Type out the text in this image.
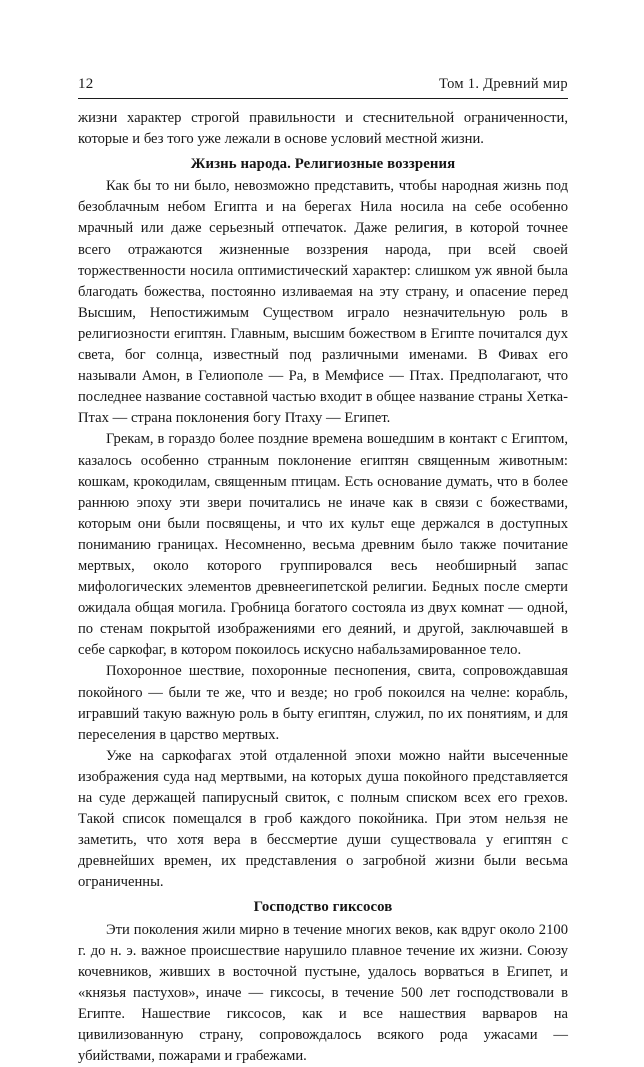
12	Том 1. Древний мир

жизни характер строгой правильности и стеснительной ограниченности, которые и без того уже лежали в основе условий местной жизни.

Жизнь народа. Религиозные воззрения

Как бы то ни было, невозможно представить, чтобы народная жизнь под безоблачным небом Египта и на берегах Нила носила на себе особенно мрачный или даже серьезный отпечаток. Даже религия, в которой точнее всего отражаются жизненные воззрения народа, при всей своей торжественности носила оптимистический характер: слишком уж явной была благодать божества, постоянно изливаемая на эту страну, и опасение перед Высшим, Непостижимым Существом играло незначительную роль в религиозности египтян. Главным, высшим божеством в Египте почитался дух света, бог солнца, известный под различными именами. В Фивах его называли Амон, в Гелиополе — Ра, в Мемфисе — Птах. Предполагают, что последнее название составной частью входит в общее название страны Хетка-Птах — страна поклонения богу Птаху — Египет.

Грекам, в гораздо более поздние времена вошедшим в контакт с Египтом, казалось особенно странным поклонение египтян священным животным: кошкам, крокодилам, священным птицам. Есть основание думать, что в более раннюю эпоху эти звери почитались не иначе как в связи с божествами, которым они были посвящены, и что их культ еще держался в доступных пониманию границах. Несомненно, весьма древним было также почитание мертвых, около которого группировался весь необширный запас мифологических элементов древнеегипетской религии. Бедных после смерти ожидала общая могила. Гробница богатого состояла из двух комнат — одной, по стенам покрытой изображениями его деяний, и другой, заключавшей в себе саркофаг, в котором покоилось искусно набальзамированное тело.

Похоронное шествие, похоронные песнопения, свита, сопровождавшая покойного — были те же, что и везде; но гроб покоился на челне: корабль, игравший такую важную роль в быту египтян, служил, по их понятиям, и для переселения в царство мертвых.

Уже на саркофагах этой отдаленной эпохи можно найти высеченные изображения суда над мертвыми, на которых душа покойного представляется на суде держащей папирусный свиток, с полным списком всех его грехов. Такой список помещался в гроб каждого покойника. При этом нельзя не заметить, что хотя вера в бессмертие души существовала у египтян с древнейших времен, их представления о загробной жизни были весьма ограниченны.

Господство гиксосов

Эти поколения жили мирно в течение многих веков, как вдруг около 2100 г. до н. э. важное происшествие нарушило плавное течение их жизни. Союзу кочевников, живших в восточной пустыне, удалось ворваться в Египет, и «князья пастухов», иначе — гиксосы, в течение 500 лет господствовали в Египте. Нашествие гиксосов, как и все нашествия варваров на цивилизованную страну, сопровождалось всякого рода ужасами — убийствами, пожарами и грабежами.
